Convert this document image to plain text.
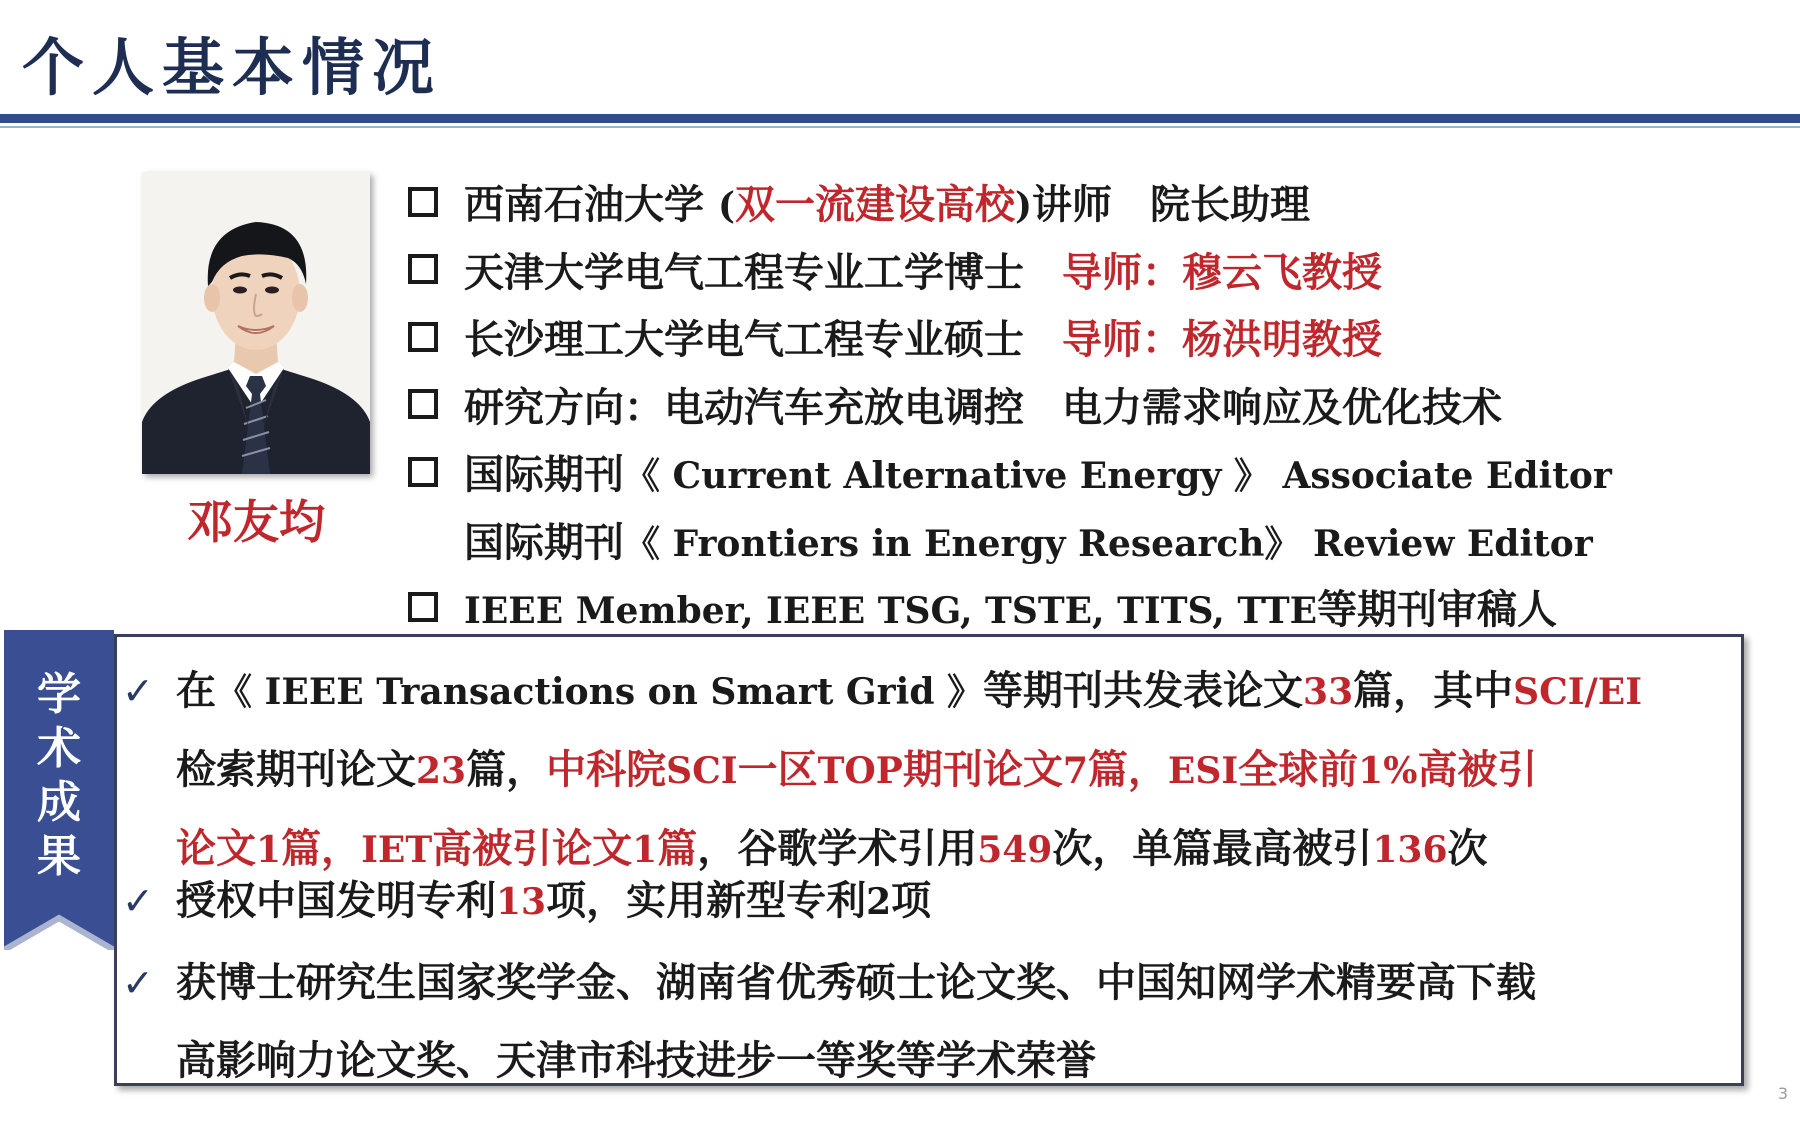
个人基本情况
邓友均
西南石油大学 (双一流建设高校)讲师 院长助理
天津大学电气工程专业工学博士 导师：穆云飞教授
长沙理工大学电气工程专业硕士 导师：杨洪明教授
研究方向：电动汽车充放电调控 电力需求响应及优化技术
国际期刊《 Current Alternative Energy 》 Associate Editor
国际期刊《 Frontiers in Energy Research》 Review Editor
IEEE Member, IEEE TSG, TSTE, TITS, TTE等期刊审稿人
学
术
成
果
✓ 在《 IEEE Transactions on Smart Grid 》等期刊共发表论文33篇，其中SCI/EI
检索期刊论文23篇，中科院SCI一区TOP期刊论文7篇，ESI全球前1%高被引
论文1篇，IET高被引论文1篇，谷歌学术引用549次，单篇最高被引136次
✓ 授权中国发明专利13项，实用新型专利2项
✓ 获博士研究生国家奖学金、湖南省优秀硕士论文奖、中国知网学术精要高下载
高影响力论文奖、天津市科技进步一等奖等学术荣誉
3
